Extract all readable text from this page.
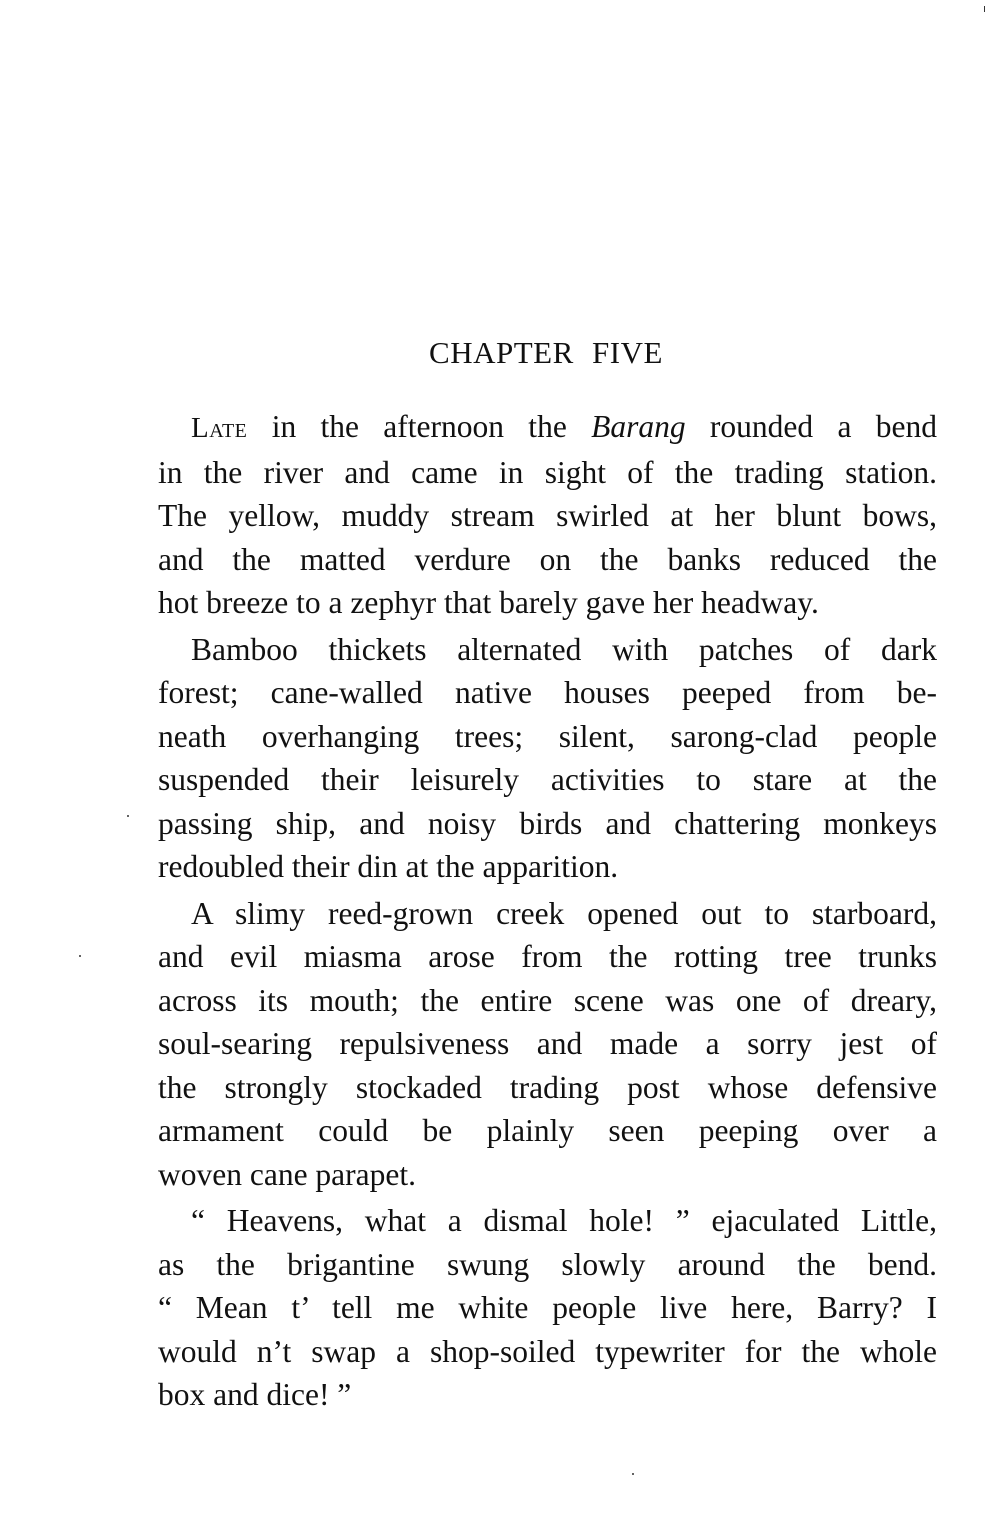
CHAPTER FIVE

Late in the afternoon the Barang rounded a bend
in the river and came in sight of the trading station.
The yellow, muddy stream swirled at her blunt bows,
and the matted verdure on the banks reduced the
hot breeze to a zephyr that barely gave her headway.

Bamboo thickets alternated with patches of dark
forest; cane-walled native houses peeped from be-
neath overhanging trees; silent, sarong-clad people
suspended their leisurely activities to stare at the
passing ship, and noisy birds and chattering monkeys
redoubled their din at the apparition.

A slimy reed-grown creek opened out to starboard,
and evil miasma arose from the rotting tree trunks
across its mouth; the entire scene was one of dreary,
soul-searing repulsiveness and made a sorry jest of
the strongly stockaded trading post whose defensive
armament could be plainly seen peeping over a
woven cane parapet.

“ Heavens, what a dismal hole! ” ejaculated Little,
as the brigantine swung slowly around the bend.
“ Mean t’ tell me white people live here, Barry? I
would n’t swap a shop-soiled typewriter for the whole
box and dice! ”
